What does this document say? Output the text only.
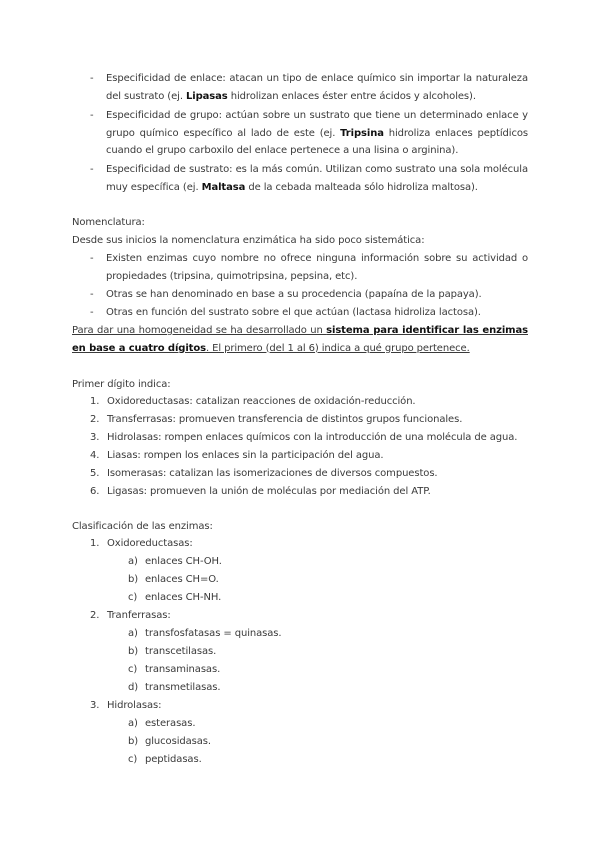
- Especificidad de enlace: atacan un tipo de enlace químico sin importar la naturaleza del sustrato (ej. Lipasas hidrolizan enlaces éster entre ácidos y alcoholes).
- Especificidad de grupo: actúan sobre un sustrato que tiene un determinado enlace y grupo químico específico al lado de este (ej. Tripsina hidroliza enlaces peptídicos cuando el grupo carboxilo del enlace pertenece a una lisina o arginina).
- Especificidad de sustrato: es la más común. Utilizan como sustrato una sola molécula muy específica (ej. Maltasa de la cebada malteada sólo hidroliza maltosa).
Nomenclatura:
Desde sus inicios la nomenclatura enzimática ha sido poco sistemática:
- Existen enzimas cuyo nombre no ofrece ninguna información sobre su actividad o propiedades (tripsina, quimotripsina, pepsina, etc).
- Otras se han denominado en base a su procedencia (papaína de la papaya).
- Otras en función del sustrato sobre el que actúan (lactasa hidroliza lactosa).
Para dar una homogeneidad se ha desarrollado un sistema para identificar las enzimas en base a cuatro dígitos. El primero (del 1 al 6) indica a qué grupo pertenece.
Primer dígito indica:
1. Oxidoreductasas: catalizan reacciones de oxidación-reducción.
2. Transferrasas: promueven transferencia de distintos grupos funcionales.
3. Hidrolasas: rompen enlaces químicos con la introducción de una molécula de agua.
4. Liasas: rompen los enlaces sin la participación del agua.
5. Isomerasas: catalizan las isomerizaciones de diversos compuestos.
6. Ligasas: promueven la unión de moléculas por mediación del ATP.
Clasificación de las enzimas:
1. Oxidoreductasas:
a) enlaces CH-OH.
b) enlaces CH=O.
c) enlaces CH-NH.
2. Tranferrasas:
a) transfosfatasas = quinasas.
b) transcetilasas.
c) transaminasas.
d) transmetilasas.
3. Hidrolasas:
a) esterasas.
b) glucosidasas.
c) peptidasas.
